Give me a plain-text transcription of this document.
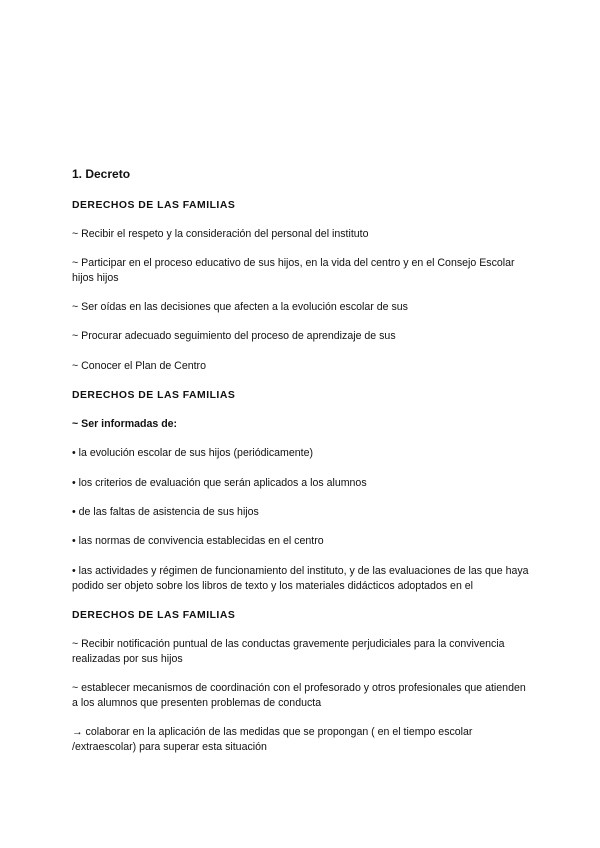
1. Decreto

DERECHOS DE LAS FAMILIAS

~ Recibir el respeto y la consideración del personal del instituto

~ Participar en el proceso educativo de sus hijos, en la vida del centro y en el Consejo Escolar hijos hijos

~ Ser oídas en las decisiones que afecten a la evolución escolar de sus

~ Procurar adecuado seguimiento del proceso de aprendizaje de sus

~ Conocer el Plan de Centro

DERECHOS DE LAS FAMILIAS

~ Ser informadas de:

• la evolución escolar de sus hijos (periódicamente)

• los criterios de evaluación que serán aplicados a los alumnos

• de las faltas de asistencia de sus hijos

• las normas de convivencia establecidas en el centro

• las actividades y régimen de funcionamiento del instituto, y de las evaluaciones de las que haya podido ser objeto sobre los libros de texto y los materiales didácticos adoptados en el

DERECHOS DE LAS FAMILIAS

~ Recibir notificación puntual de las conductas gravemente perjudiciales para la convivencia realizadas por sus hijos

~ establecer mecanismos de coordinación con el profesorado y otros profesionales que atienden a los alumnos que presenten problemas de conducta

→ colaborar en la aplicación de las medidas que se propongan ( en el tiempo escolar /extraescolar) para superar esta situación
